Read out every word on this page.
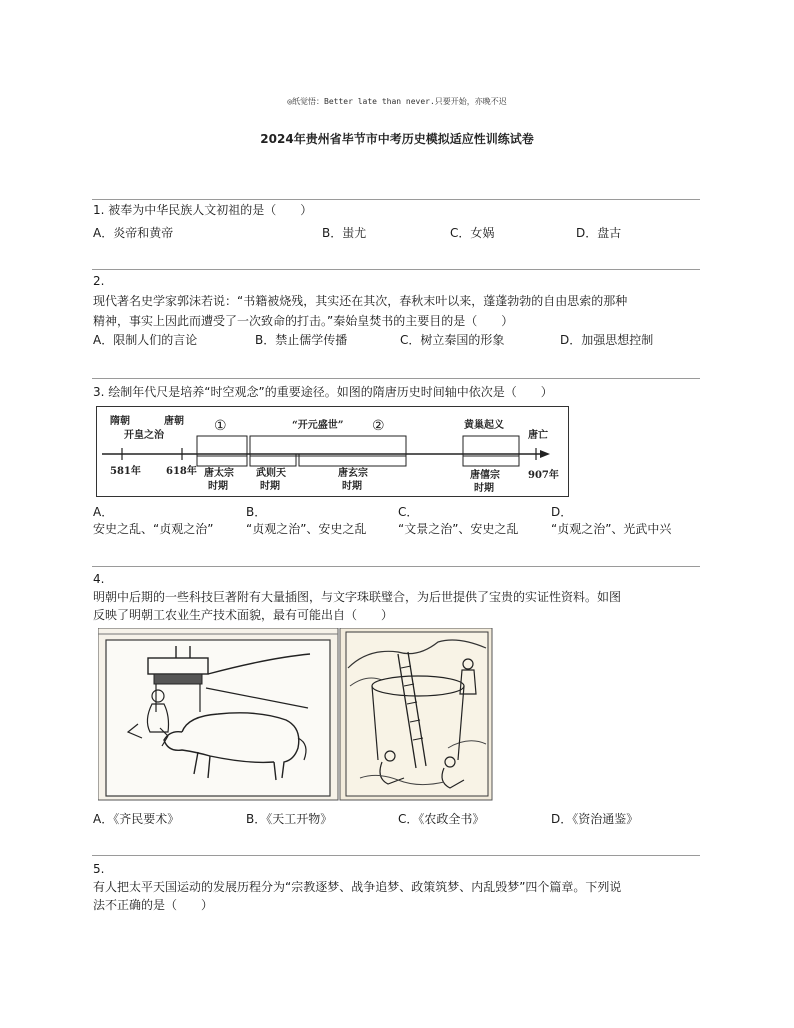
◎纸觉悟：Better late than never.只要开始，亦晚不迟
2024年贵州省毕节市中考历史模拟适应性训练试卷
1. 被奉为中华民族人文初祖的是（　　）
A．炎帝和黄帝	B．蚩尤	C．女娲	D．盘古
2.
现代著名史学家郭沫若说：“书籍被烧残，其实还在其次，春秋末叶以来，蓬蓬勃勃的自由思索的那种
精神，事实上因此而遭受了一次致命的打击。”秦始皇焚书的主要目的是（　　）
A．限制人们的言论	B．禁止儒学传播	C．树立秦国的形象	D．加强思想控制
3. 绘制年代尺是培养“时空观念”的重要途径。如图的隋唐历史时间轴中依次是（　　）
隋朝
开皇之治
唐朝 ①	“开元盛世” ②	黄巢起义
唐亡
581年	618年	907年
唐太宗
时期
武则天
时期
唐玄宗
时期
唐僖宗
时期
A．
安史之乱、“贞观之治”
B．
“贞观之治”、安史之乱
C．
“文景之治”、安史之乱
D．
“贞观之治”、光武中兴
4.
明朝中后期的一些科技巨著附有大量插图，与文字珠联璧合，为后世提供了宝贵的实证性资料。如图
反映了明朝工农业生产技术面貌，最有可能出自（　　）
A．《齐民要术》	B．《天工开物》	C．《农政全书》	D．《资治通鉴》
5.
有人把太平天国运动的发展历程分为“宗教逐梦、战争追梦、政策筑梦、内乱毁梦”四个篇章。下列说
法不正确的是（　　）
